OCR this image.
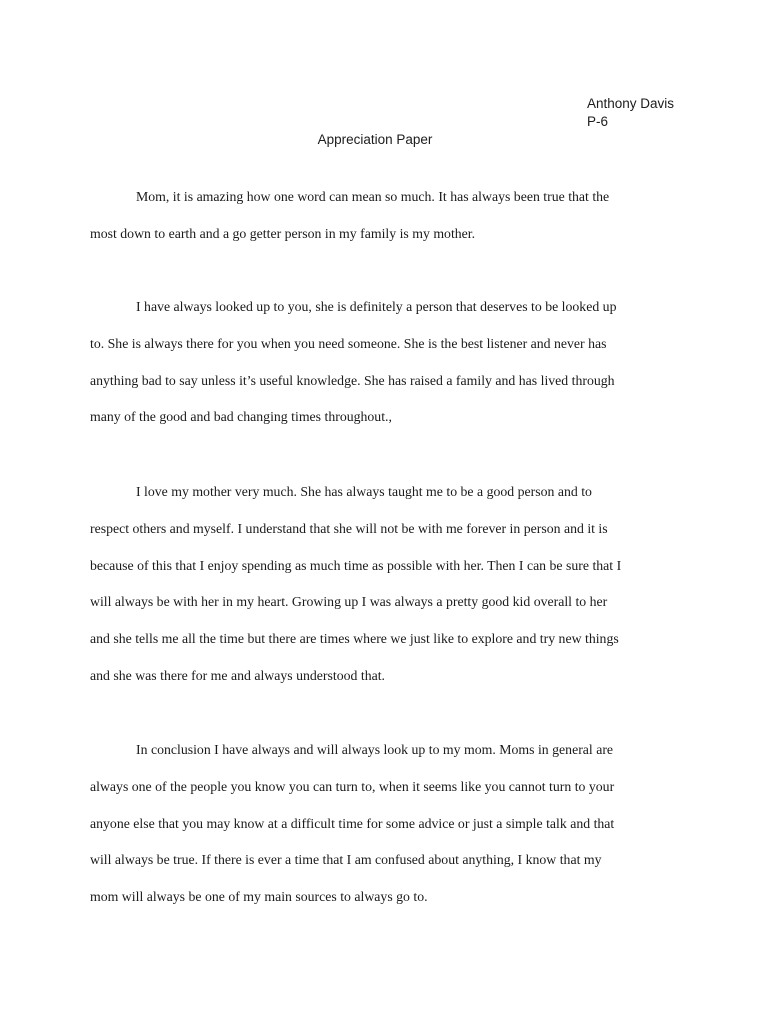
Anthony Davis
P-6
Appreciation Paper
Mom, it is amazing how one word can mean so much. It has always been true that the
most down to earth and a go getter person in my family is my mother.
I have always looked up to you, she is definitely a person that deserves to be looked up
to. She is always there for you when you need someone. She is the best listener and never has
anything bad to say unless it’s useful knowledge. She has raised a family and has lived through
many of the good and bad changing times throughout.,
I love my mother very much. She has always taught me to be a good person and to
respect others and myself. I understand that she will not be with me forever in person and it is
because of this that I enjoy spending as much time as possible with her. Then I can be sure that I
will always be with her in my heart. Growing up I was always a pretty good kid overall to her
and she tells me all the time but there are times where we just like to explore and try new things
and she was there for me and always understood that.
In conclusion I have always and will always look up to my mom. Moms in general are
always one of the people you know you can turn to, when it seems like you cannot turn to your
anyone else that you may know at a difficult time for some advice or just a simple talk and that
will always be true. If there is ever a time that I am confused about anything, I know that my
mom will always be one of my main sources to always go to.
